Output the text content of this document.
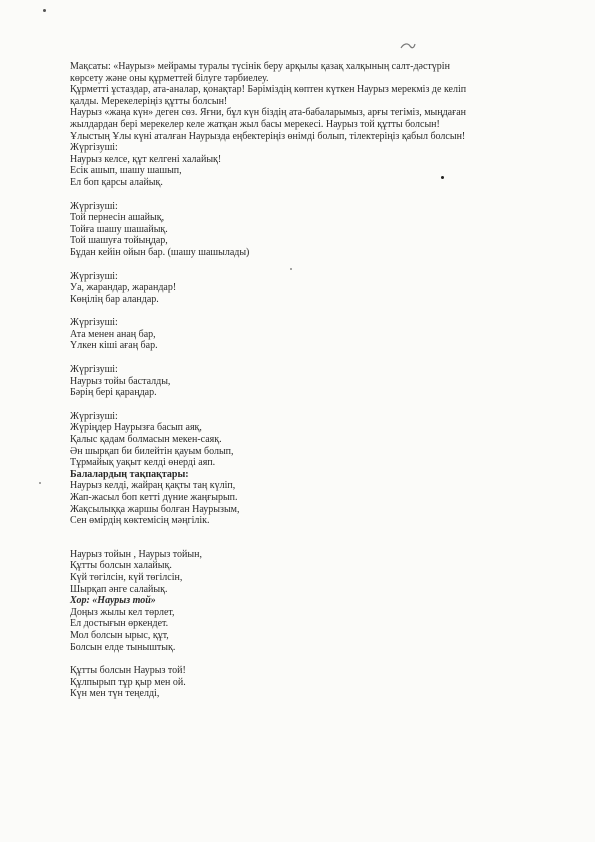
Мақсаты: «Наурыз» мейрамы туралы түсінік беру арқылы қазақ халқының салт-дәстүрін
көрсету және оны құрметтей білуге тәрбиелеу.
Құрметті ұстаздар, ата-аналар, қонақтар! Бәріміздің көптен күткен Наурыз мерекміз де келіп
қалды. Мерекелеріңіз құтты болсын!
Наурыз «жаңа күн» деген сөз. Яғни, бұл күн біздің ата-бабаларымыз, арғы тегіміз, мыңдаған
жылдардан бері мерекелер келе жатқан жыл басы мерекесі. Наурыз той құтты болсын!
Ұлыстың Ұлы күні аталған Наурызда еңбектеріңіз өнімді болып, тілектеріңіз қабыл болсын!
Жүргізуші:
Наурыз келсе, құт келгені халайық!
Есік ашып, шашу шашып,
Ел боп қарсы алайық.
Жүргізуші:
Той пернесін ашайық,
Тойға шашу шашайық.
Той шашуға тойыңдар,
Бұдан кейін ойын бар. (шашу шашылады)
Жүргізуші:
Уа, жарандар, жарандар!
Көңілің бар аландар.
Жүргізуші:
Ата менен анаң бар,
Үлкен кіші ағаң бар.
Жүргізуші:
Наурыз тойы басталды,
Бәрің бері қараңдар.
Жүргізуші:
Жүріңдер Наурызға басып аяқ,
Қалыс қадам болмасын мекен-саяқ.
Ән шырқап би билейтін қауым болып,
Тұрмайық уақыт келді өнерді аяп.
Балалардың тақпақтары:
Наурыз келді, жайраң қақты таң күліп,
Жап-жасыл боп кетті дүние жаңғырып.
Жақсылыққа жаршы болған Наурызым,
Сен өмірдің көктемісің мәңгілік.
Наурыз тойын , Наурыз тойын,
Құтты болсын халайық.
Күй төгілсін, күй төгілсін,
Шырқап әнге салайық.
Хор: «Наурыз той»
Доңыз жылы кел төрлет,
Ел достығын өркендет.
Мол болсын ырыс, құт,
Болсын елде тыныштық.
Құтты болсын Наурыз той!
Құлпырып тұр қыр мен ой.
Күн мен түн теңелді,
